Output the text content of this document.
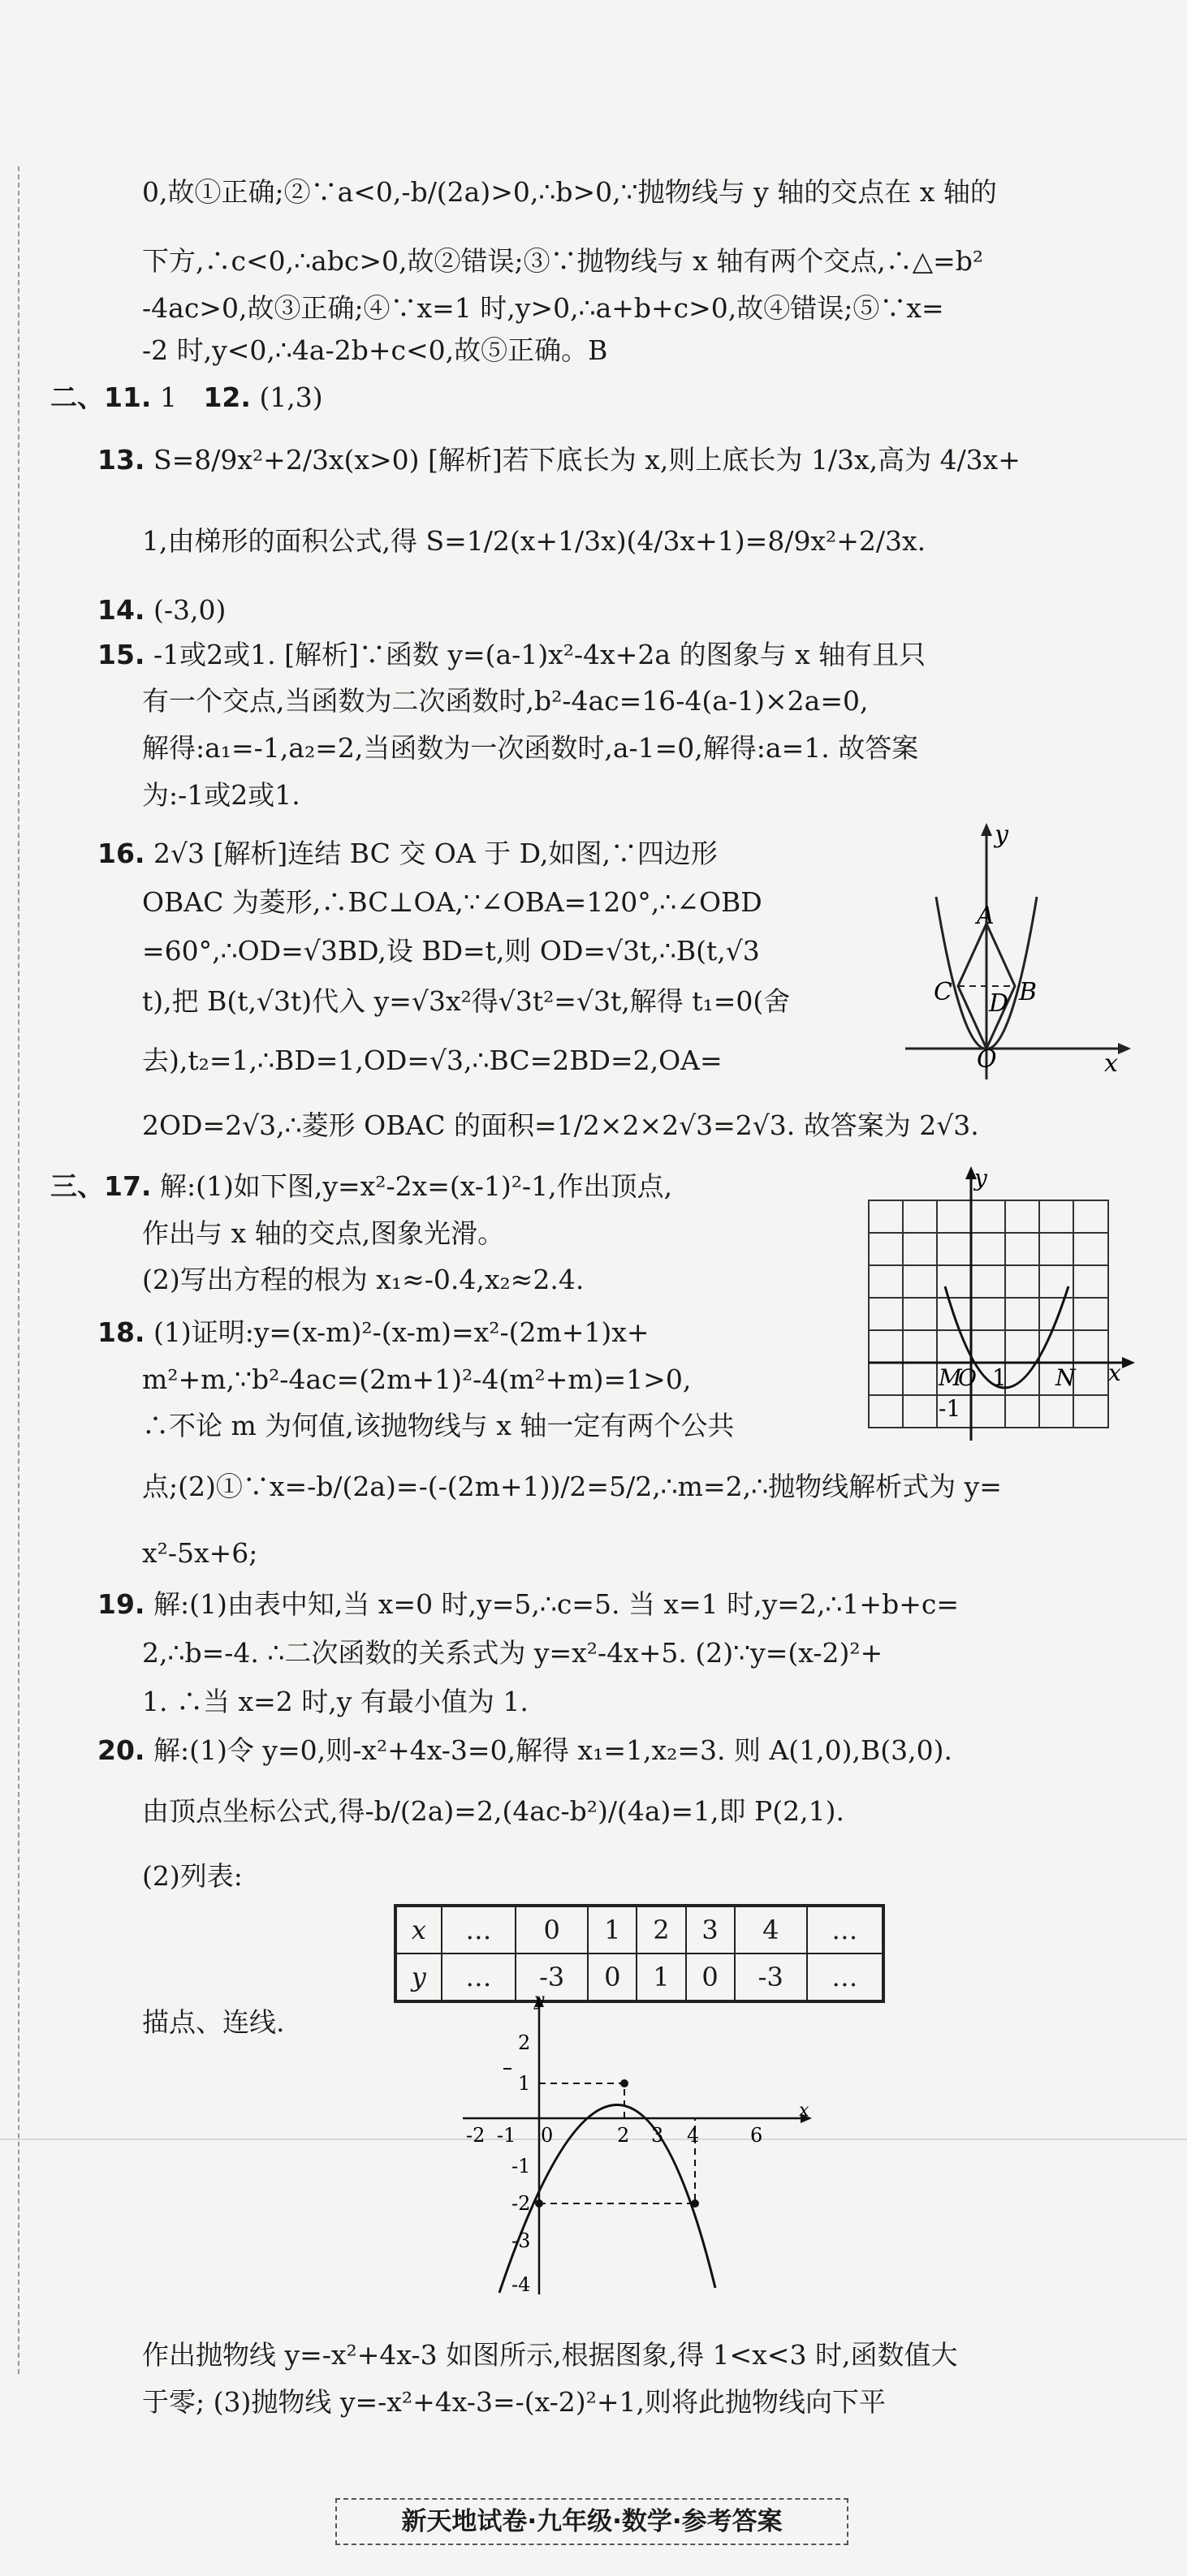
0,故①正确;②∵a<0,-b/(2a)>0,∴b>0,∵抛物线与 y 轴的交点在 x 轴的
下方,∴c<0,∴abc>0,故②错误;③∵抛物线与 x 轴有两个交点,∴△=b²
-4ac>0,故③正确;④∵x=1 时,y>0,∴a+b+c>0,故④错误;⑤∵x=
-2 时,y<0,∴4a-2b+c<0,故⑤正确。B
二、11. 1 12. (1,3)
13. S=8/9x²+2/3x(x>0) [解析]若下底长为 x,则上底长为 1/3x,高为 4/3x+
1,由梯形的面积公式,得 S=1/2(x+1/3x)(4/3x+1)=8/9x²+2/3x.
14. (-3,0)
15. -1或2或1. [解析]∵函数 y=(a-1)x²-4x+2a 的图象与 x 轴有且只
有一个交点,当函数为二次函数时,b²-4ac=16-4(a-1)×2a=0,
解得:a₁=-1,a₂=2,当函数为一次函数时,a-1=0,解得:a=1. 故答案
为:-1或2或1.
16. 2√3 [解析]连结 BC 交 OA 于 D,如图,∵四边形
OBAC 为菱形,∴BC⊥OA,∵∠OBA=120°,∴∠OBD
=60°,∴OD=√3BD,设 BD=t,则 OD=√3t,∴B(t,√3
t),把 B(t,√3t)代入 y=√3x²得√3t²=√3t,解得 t₁=0(舍
去),t₂=1,∴BD=1,OD=√3,∴BC=2BD=2,OA=
2OD=2√3,∴菱形 OBAC 的面积=1/2×2×2√3=2√3. 故答案为 2√3.
y
x
A
B
C D
O
三、17. 解:(1)如下图,y=x²-2x=(x-1)²-1,作出顶点,
作出与 x 轴的交点,图象光滑。
(2)写出方程的根为 x₁≈-0.4,x₂≈2.4.
y
x
M
O 1 N
-1
18. (1)证明:y=(x-m)²-(x-m)=x²-(2m+1)x+
m²+m,∵b²-4ac=(2m+1)²-4(m²+m)=1>0,
∴不论 m 为何值,该抛物线与 x 轴一定有两个公共
点;(2)①∵x=-b/(2a)=-(-(2m+1))/2=5/2,∴m=2,∴抛物线解析式为 y=
x²-5x+6;
19. 解:(1)由表中知,当 x=0 时,y=5,∴c=5. 当 x=1 时,y=2,∴1+b+c=
2,∴b=-4. ∴二次函数的关系式为 y=x²-4x+5. (2)∵y=(x-2)²+
1. ∴当 x=2 时,y 有最小值为 1.
20. 解:(1)令 y=0,则-x²+4x-3=0,解得 x₁=1,x₂=3. 则 A(1,0),B(3,0).
由顶点坐标公式,得-b/(2a)=2,(4ac-b²)/(4a)=1,即 P(2,1).
(2)列表:
x	…	0	1	2	3	4	…
y	…	-3	0	1	0	-3	…
描点、连线.
y
x
-2 -1 0	2 3 4	6
2
1
-1
-2
-3
-4
作出抛物线 y=-x²+4x-3 如图所示,根据图象,得 1<x<3 时,函数值大
于零; (3)抛物线 y=-x²+4x-3=-(x-2)²+1,则将此抛物线向下平
新天地试卷·九年级·数学·参考答案
